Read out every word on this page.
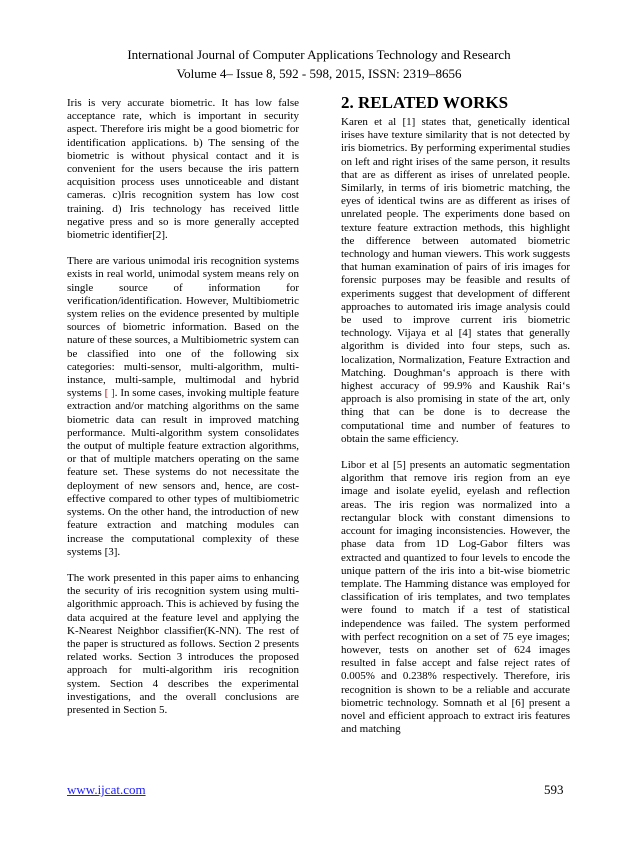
International Journal of Computer Applications Technology and Research
Volume 4– Issue 8, 592 - 598, 2015, ISSN: 2319–8656

Iris is very accurate biometric. It has low false acceptance rate, which is important in security aspect. Therefore iris might be a good biometric for identification applications. b) The sensing of the biometric is without physical contact and it is convenient for the users because the iris pattern acquisition process uses unnoticeable and distant cameras. c)Iris recognition system has low cost training. d) Iris technology has received little negative press and so is more generally accepted biometric identifier[2].

There are various unimodal iris recognition systems exists in real world, unimodal system means rely on single source of information for verification/identification. However, Multibiometric system relies on the evidence presented by multiple sources of biometric information. Based on the nature of these sources, a Multibiometric system can be classified into one of the following six categories: multi-sensor, multi-algorithm, multi-instance, multi-sample, multimodal and hybrid systems [ ]. In some cases, invoking multiple feature extraction and/or matching algorithms on the same biometric data can result in improved matching performance. Multi-algorithm system consolidates the output of multiple feature extraction algorithms, or that of multiple matchers operating on the same feature set. These systems do not necessitate the deployment of new sensors and, hence, are cost-effective compared to other types of multibiometric systems. On the other hand, the introduction of new feature extraction and matching modules can increase the computational complexity of these systems [3].

The work presented in this paper aims to enhancing the security of iris recognition system using multi-algorithmic approach. This is achieved by fusing the data acquired at the feature level and applying the K-Nearest Neighbor classifier(K-NN). The rest of the paper is structured as follows. Section 2 presents related works. Section 3 introduces the proposed approach for multi-algorithm iris recognition system. Section 4 describes the experimental investigations, and the overall conclusions are presented in Section 5.

2. RELATED WORKS

Karen et al [1] states that, genetically identical irises have texture similarity that is not detected by iris biometrics. By performing experimental studies on left and right irises of the same person, it results that are as different as irises of unrelated people. Similarly, in terms of iris biometric matching, the eyes of identical twins are as different as irises of unrelated people. The experiments done based on texture feature extraction methods, this highlight the difference between automated biometric technology and human viewers. This work suggests that human examination of pairs of iris images for forensic purposes may be feasible and results of experiments suggest that development of different approaches to automated iris image analysis could be used to improve current iris biometric technology. Vijaya et al [4] states that generally algorithm is divided into four steps, such as. localization, Normalization, Feature Extraction and Matching. Doughman‘s approach is there with highest accuracy of 99.9% and Kaushik Rai‘s approach is also promising in state of the art, only thing that can be done is to decrease the computational time and number of features to obtain the same efficiency.

Libor et al [5] presents an automatic segmentation algorithm that remove iris region from an eye image and isolate eyelid, eyelash and reflection areas. The iris region was normalized into a rectangular block with constant dimensions to account for imaging inconsistencies. However, the phase data from 1D Log-Gabor filters was extracted and quantized to four levels to encode the unique pattern of the iris into a bit-wise biometric template. The Hamming distance was employed for classification of iris templates, and two templates were found to match if a test of statistical independence was failed. The system performed with perfect recognition on a set of 75 eye images; however, tests on another set of 624 images resulted in false accept and false reject rates of 0.005% and 0.238% respectively. Therefore, iris recognition is shown to be a reliable and accurate biometric technology. Somnath et al [6] present a novel and efficient approach to extract iris features and matching

www.ijcat.com	593
